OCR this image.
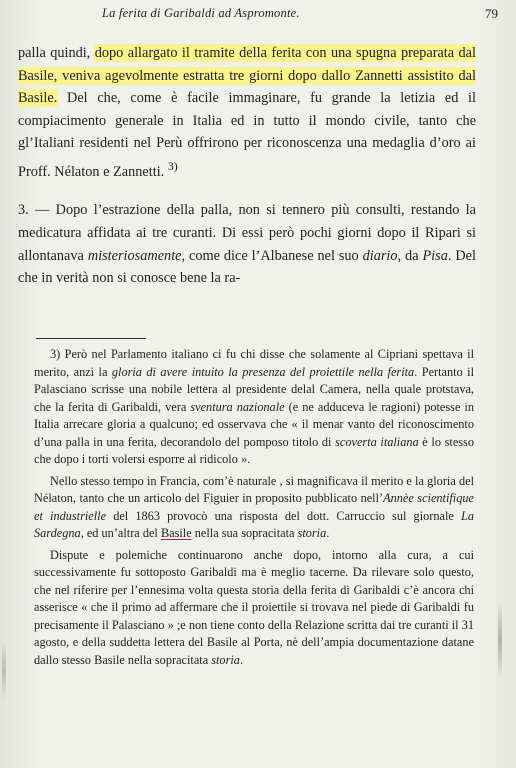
La ferita di Garibaldi ad Aspromonte.	79

palla quindi, dopo allargato il tramite della ferita con una spugna preparata dal Basile, veniva agevolmente estratta tre giorni dopo dallo Zannetti assistito dal Basile. Del che, come è facile immaginare, fu grande la letizia ed il compiacimento generale in Italia ed in tutto il mondo civile, tanto che gl’Italiani residenti nel Perù offrirono per riconoscenza una medaglia d’oro ai Proff. Nélaton e Zannetti. $^{3)}$

3. — Dopo l’estrazione della palla, non si tennero più consulti, restando la medicatura affidata ai tre curanti. Di essi però pochi giorni dopo il Ripari si allontanava misteriosamente, come dice l’Albanese nel suo diario, da Pisa. Del che in verità non si conosce bene la ra-

3) Però nel Parlamento italiano ci fu chi disse che solamente al Cipriani spettava il merito, anzi la gloria di avere intuito la presenza del proiettile nella ferita. Pertanto il Palasciano scrisse una nobile lettera al presidente delal Camera, nella quale protstava, che la ferita di Garibaldi, vera sventura nazionale (e ne adduceva le ragioni) potesse in Italia arrecare gloria a qualcuno; ed osservava che « il menar vanto del riconoscimento d’una palla in una ferita, decorandolo del pomposo titolo di scoverta italiana è lo stesso che dopo i torti volersi esporre al ridicolo ».

Nello stesso tempo in Francia, com’è naturale , si magnificava il merito e la gloria del Nélaton, tanto che un articolo del Figuier in proposito pubblicato nell’Annèe scientifique et industrielle del 1863 provocò una risposta del dott. Carruccio sul giornale La Sardegna, ed un’altra del Basile nella sua sopracitata storia.

Dispute e polemiche continuarono anche dopo, intorno alla cura, a cui successivamente fu sottoposto Garibaldi ma è meglio tacerne. Da rilevare solo questo, che nel riferire per l’ennesima volta questa storia della ferita di Garibaldi c’è ancora chi asserisce « che il primo ad affermare che il proiettile si trovava nel piede di Garibaldi fu precisamente il Palasciano » ;e non tiene conto della Relazione scritta dai tre curanti il 31 agosto, e della suddetta lettera del Basile al Porta, nè dell’ampia documentazione datane dallo stesso Basile nella sopracitata storia.
